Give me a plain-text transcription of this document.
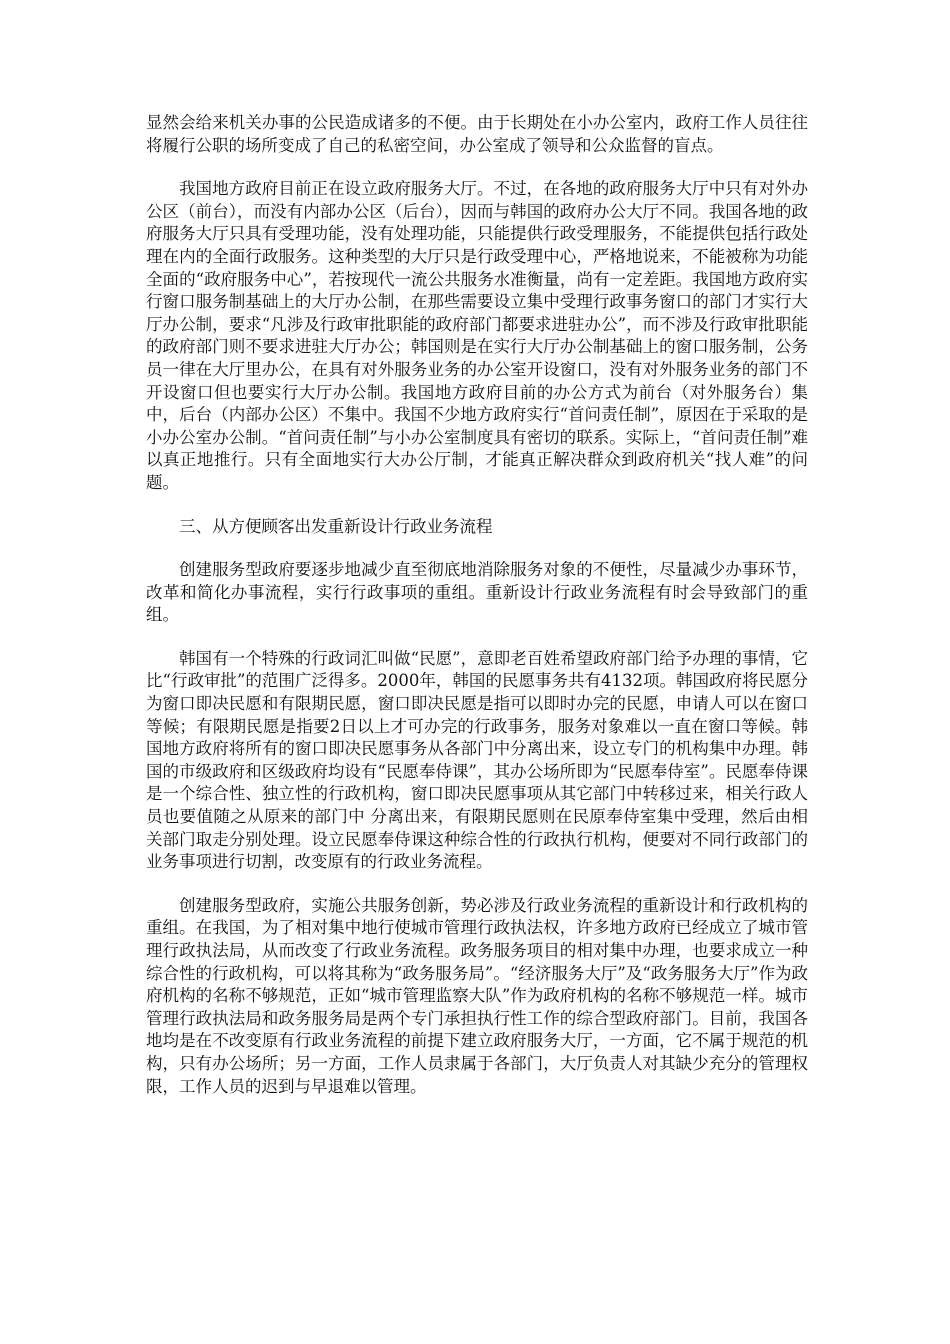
显然会给来机关办事的公民造成诸多的不便。由于长期处在小办公室内，政府工作人员往往将履行公职的场所变成了自己的私密空间，办公室成了领导和公众监督的盲点。

我国地方政府目前正在设立政府服务大厅。不过，在各地的政府服务大厅中只有对外办公区（前台），而没有内部办公区（后台），因而与韩国的政府办公大厅不同。我国各地的政府服务大厅只具有受理功能，没有处理功能，只能提供行政受理服务，不能提供包括行政处理在内的全面行政服务。这种类型的大厅只是行政受理中心，严格地说来，不能被称为功能全面的“政府服务中心”，若按现代一流公共服务水准衡量，尚有一定差距。我国地方政府实行窗口服务制基础上的大厅办公制，在那些需要设立集中受理行政事务窗口的部门才实行大厅办公制，要求“凡涉及行政审批职能的政府部门都要求进驻办公”，而不涉及行政审批职能的政府部门则不要求进驻大厅办公；韩国则是在实行大厅办公制基础上的窗口服务制，公务员一律在大厅里办公，在具有对外服务业务的办公室开设窗口，没有对外服务业务的部门不开设窗口但也要实行大厅办公制。我国地方政府目前的办公方式为前台（对外服务台）集中，后台（内部办公区）不集中。我国不少地方政府实行“首问责任制”，原因在于采取的是小办公室办公制。“首问责任制”与小办公室制度具有密切的联系。实际上，“首问责任制”难以真正地推行。只有全面地实行大办公厅制，才能真正解决群众到政府机关“找人难”的问题。

三、从方便顾客出发重新设计行政业务流程

创建服务型政府要逐步地减少直至彻底地消除服务对象的不便性，尽量减少办事环节，改革和简化办事流程，实行行政事项的重组。重新设计行政业务流程有时会导致部门的重组。

韩国有一个特殊的行政词汇叫做“民愿”，意即老百姓希望政府部门给予办理的事情，它比“行政审批”的范围广泛得多。2000年，韩国的民愿事务共有4132项。韩国政府将民愿分为窗口即决民愿和有限期民愿，窗口即决民愿是指可以即时办完的民愿，申请人可以在窗口等候；有限期民愿是指要2日以上才可办完的行政事务，服务对象难以一直在窗口等候。韩国地方政府将所有的窗口即决民愿事务从各部门中分离出来，设立专门的机构集中办理。韩国的市级政府和区级政府均设有“民愿奉侍课”，其办公场所即为“民愿奉侍室”。民愿奉侍课是一个综合性、独立性的行政机构，窗口即决民愿事项从其它部门中转移过来，相关行政人员也要值随之从原来的部门中 分离出来，有限期民愿则在民原奉侍室集中受理，然后由相关部门取走分别处理。设立民愿奉侍课这种综合性的行政执行机构，便要对不同行政部门的业务事项进行切割，改变原有的行政业务流程。

创建服务型政府，实施公共服务创新，势必涉及行政业务流程的重新设计和行政机构的重组。在我国，为了相对集中地行使城市管理行政执法权，许多地方政府已经成立了城市管理行政执法局，从而改变了行政业务流程。政务服务项目的相对集中办理，也要求成立一种综合性的行政机构，可以将其称为“政务服务局”。“经济服务大厅”及“政务服务大厅”作为政府机构的名称不够规范，正如“城市管理监察大队”作为政府机构的名称不够规范一样。城市管理行政执法局和政务服务局是两个专门承担执行性工作的综合型政府部门。目前，我国各地均是在不改变原有行政业务流程的前提下建立政府服务大厅，一方面，它不属于规范的机构，只有办公场所；另一方面，工作人员隶属于各部门，大厅负责人对其缺少充分的管理权限，工作人员的迟到与早退难以管理。
